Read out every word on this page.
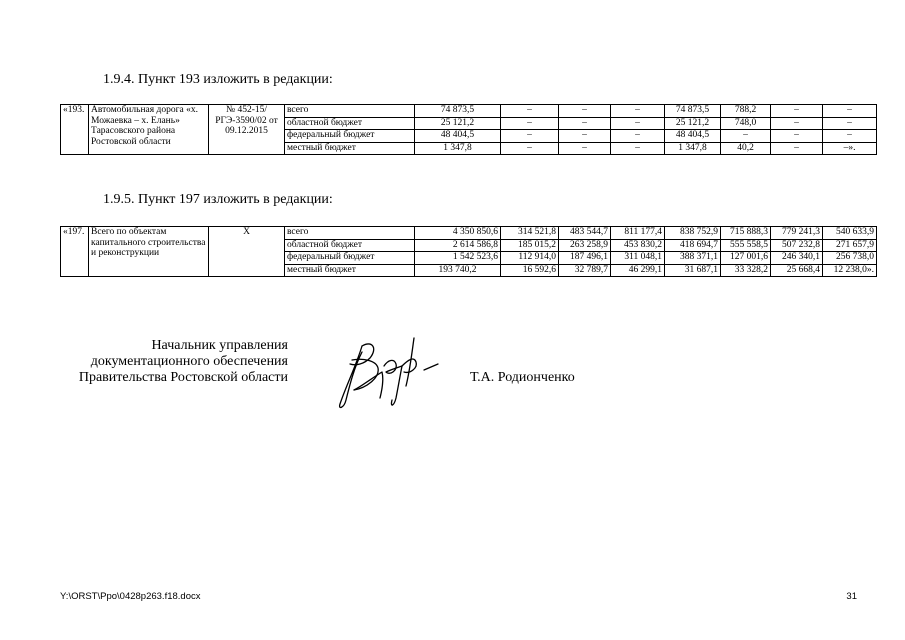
1.9.4. Пункт 193 изложить в редакции:
«193.	Автомобильная дорога «х. Можаевка – х. Елань» Тарасовского района Ростовской области	№ 452-15/РГЭ-3590/02 от 09.12.2015	всего	74 873,5	–	–	–	74 873,5	788,2	–	–
			областной бюджет	25 121,2	–	–	–	25 121,2	748,0	–	–
			федеральный бюджет	48 404,5	–	–	–	48 404,5	–	–	–
			местный бюджет	1 347,8	–	–	–	1 347,8	40,2	–	–».
1.9.5. Пункт 197 изложить в редакции:
«197.	Всего по объектам капитального строительства и реконструкции	Х	всего	4 350 850,6	314 521,8	483 544,7	811 177,4	838 752,9	715 888,3	779 241,3	540 633,9
			областной бюджет	2 614 586,8	185 015,2	263 258,9	453 830,2	418 694,7	555 558,5	507 232,8	271 657,9
			федеральный бюджет	1 542 523,6	112 914,0	187 496,1	311 048,1	388 371,1	127 001,6	246 340,1	256 738,0
			местный бюджет	193 740,2	16 592,6	32 789,7	46 299,1	31 687,1	33 328,2	25 668,4	12 238,0».
Начальник управления
документационного обеспечения
Правительства Ростовской области	Т.А. Родионченко
Y:\ORST\Ppo\0428p263.f18.docx	31
